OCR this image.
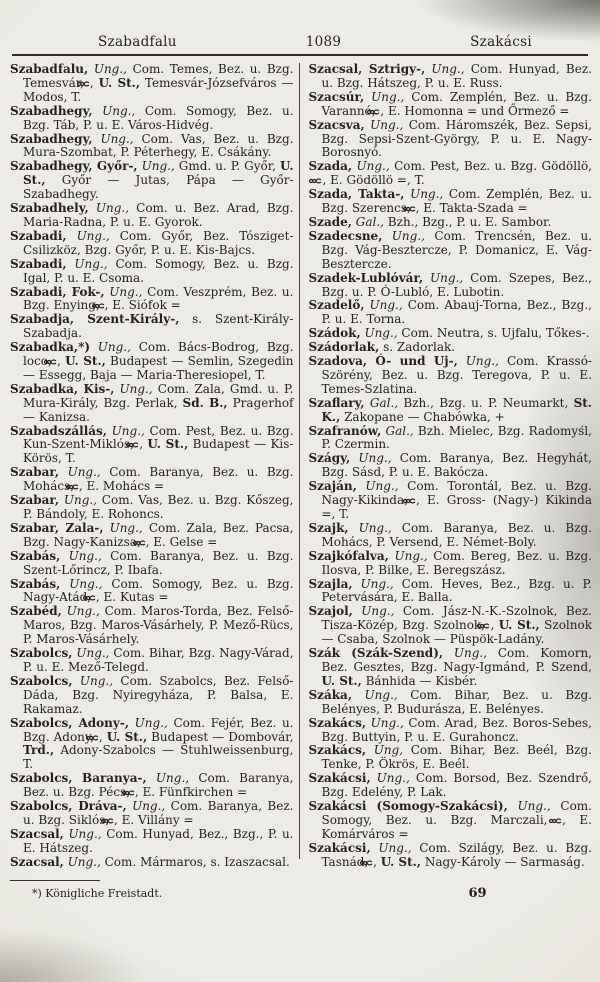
Szabadfalu	1089	Szakácsi

Szabadfalu, Ung., Com. Temes, Bez. u. Bzg. Temesvár, , U. St., Temesvár-Józsefváros — Modos, T.

Szabadhegy, Ung., Com. Somogy, Bez. u. Bzg. Táb, P. u. E. Város-Hidvég.

Szabadhegy, Ung., Com. Vas, Bez. u. Bzg. Mura-Szombat, P. Péterhegy, E. Csákány.

Szabadhegy, Győr-, Ung., Gmd. u. P. Győr, U. St., Győr — Jutas, Pápa — Győr-Szabadhegy.

Szabadhely, Ung., Com. u. Bez. Arad, Bzg. Maria-Radna, P. u. E. Gyorok.

Szabadi, Ung., Com. Győr, Bez. Tósziget-Csilizköz, Bzg. Győr, P. u. E. Kis-Bajcs.

Szabadi, Ung., Com. Somogy, Bez. u. Bzg. Igal, P. u. E. Csoma.

Szabadi, Fok-, Ung., Com. Veszprém, Bez. u. Bzg. Enying, , E. Siófok =

Szabadja, Szent-Király-, s. Szent-Király-Szabadja.

Szabadka,*) Ung., Com. Bács-Bodrog, Bzg. loco, , U. St., Budapest — Semlin, Szegedin — Essegg, Baja — Maria-Theresiopel, T.

Szabadka, Kis-, Ung., Com. Zala, Gmd. u. P. Mura-Király, Bzg. Perlak, Sd. B., Pragerhof — Kanizsa.

Szabadszállás, Ung., Com. Pest, Bez. u. Bzg. Kun-Szent-Miklós, , U. St., Budapest — Kis-Körös, T.

Szabar, Ung., Com. Baranya, Bez. u. Bzg. Mohács, , E. Mohács =

Szabar, Ung., Com. Vas, Bez. u. Bzg. Kőszeg, P. Bándoly, E. Rohoncs.

Szabar, Zala-, Ung., Com. Zala, Bez. Pacsa, Bzg. Nagy-Kanizsa, , E. Gelse =

Szabás, Ung., Com. Baranya, Bez. u. Bzg. Szent-Lőrincz, P. Ibafa.

Szabás, Ung., Com. Somogy, Bez. u. Bzg. Nagy-Atád, , E. Kutas =

Szabéd, Ung., Com. Maros-Torda, Bez. Felső-Maros, Bzg. Maros-Vásárhely, P. Mező-Rücs, P. Maros-Vásárhely.

Szabolcs, Ung., Com. Bihar, Bzg. Nagy-Várad, P. u. E. Mező-Telegd.

Szabolcs, Ung., Com. Szabolcs, Bez. Felső-Dáda, Bzg. Nyiregyháza, P. Balsa, E. Rakamaz.

Szabolcs, Adony-, Ung., Com. Fejér, Bez. u. Bzg. Adony, , U. St., Budapest — Dombovár, Trd., Adony-Szabolcs — Stuhlweissenburg, T.

Szabolcs, Baranya-, Ung., Com. Baranya, Bez. u. Bzg. Pécs, , E. Fünfkirchen =

Szabolcs, Dráva-, Ung., Com. Baranya, Bez. u. Bzg. Siklós, , E. Villány =

Szacsal, Ung., Com. Hunyad, Bez., Bzg., P. u. E. Hátszeg.

Szacsal, Ung., Com. Mármaros, s. Izaszacsal.

*) Königliche Freistadt.

Szacsal, Sztrigy-, Ung., Com. Hunyad, Bez. u. Bzg. Hátszeg, P. u. E. Russ.

Szacsúr, Ung., Com. Zemplén, Bez. u. Bzg. Varannó, , E. Homonna = und Őrmező =

Szacsva, Ung., Com. Háromszék, Bez. Sepsi, Bzg. Sepsi-Szent-György, P. u. E. Nagy-Borosnyó.

Szada, Ung., Com. Pest, Bez. u. Bzg. Gödöllö, , E. Gödöllö =, T.

Szada, Takta-, Ung., Com. Zemplén, Bez. u. Bzg. Szerencs, , E. Takta-Szada =

Szade, Gal., Bzh., Bzg., P. u. E. Sambor.

Szadecsne, Ung., Com. Trencsén, Bez. u. Bzg. Vág-Besztercze, P. Domanicz, E. Vág-Besztercze.

Szadek-Lublóvár, Ung., Com. Szepes, Bez., Bzg. u. P. Ó-Lubló, E. Lubotin.

Szadelő, Ung., Com. Abauj-Torna, Bez., Bzg., P. u. E. Torna.

Szádok, Ung., Com. Neutra, s. Ujfalu, Tőkes-.

Szádorlak, s. Zadorlak.

Szadova, Ó- und Uj-, Ung., Com. Krassó-Szörény, Bez. u. Bzg. Teregova, P. u. E. Temes-Szlatina.

Szaflary, Gal., Bzh., Bzg. u. P. Neumarkt, St. K., Zakopane — Chabówka, +

Szafranów, Gal., Bzh. Mielec, Bzg. Radomyśl, P. Czermin.

Szágy, Ung., Com. Baranya, Bez. Hegyhát, Bzg. Sásd, P. u. E. Bakócza.

Szaján, Ung., Com. Torontál, Bez. u. Bzg. Nagy-Kikinda, , E. Gross- (Nagy-) Kikinda =, T.

Szajk, Ung., Com. Baranya, Bez. u. Bzg. Mohács, P. Versend, E. Német-Boly.

Szajkófalva, Ung., Com. Bereg, Bez. u. Bzg. Ilosva, P. Bilke, E. Beregszász.

Szajla, Ung., Com. Heves, Bez., Bzg. u. P. Petervására, E. Balla.

Szajol, Ung., Com. Jász-N.-K.-Szolnok, Bez. Tisza-Közép, Bzg. Szolnok, , U. St., Szolnok — Csaba, Szolnok — Püspök-Ladány.

Szák (Szák-Szend), Ung., Com. Komorn, Bez. Gesztes, Bzg. Nagy-Igmánd, P. Szend, U. St., Bánhida — Kisbér.

Száka, Ung., Com. Bihar, Bez. u. Bzg. Belényes, P. Budurásza, E. Belényes.

Szakács, Ung., Com. Arad, Bez. Boros-Sebes, Bzg. Buttyin, P. u. E. Gurahoncz.

Szakács, Ung, Com. Bihar, Bez. Beél, Bzg. Tenke, P. Ökrös, E. Beél.

Szakácsi, Ung., Com. Borsod, Bez. Szendrő, Bzg. Edelény, P. Lak.

Szakácsi (Somogy-Szakácsi), Ung., Com. Somogy, Bez. u. Bzg. Marczali, , E. Komárváros =

Szakácsi, Ung., Com. Szilágy, Bez. u. Bzg. Tasnád, , U. St., Nagy-Károly — Sarmaság.

69
